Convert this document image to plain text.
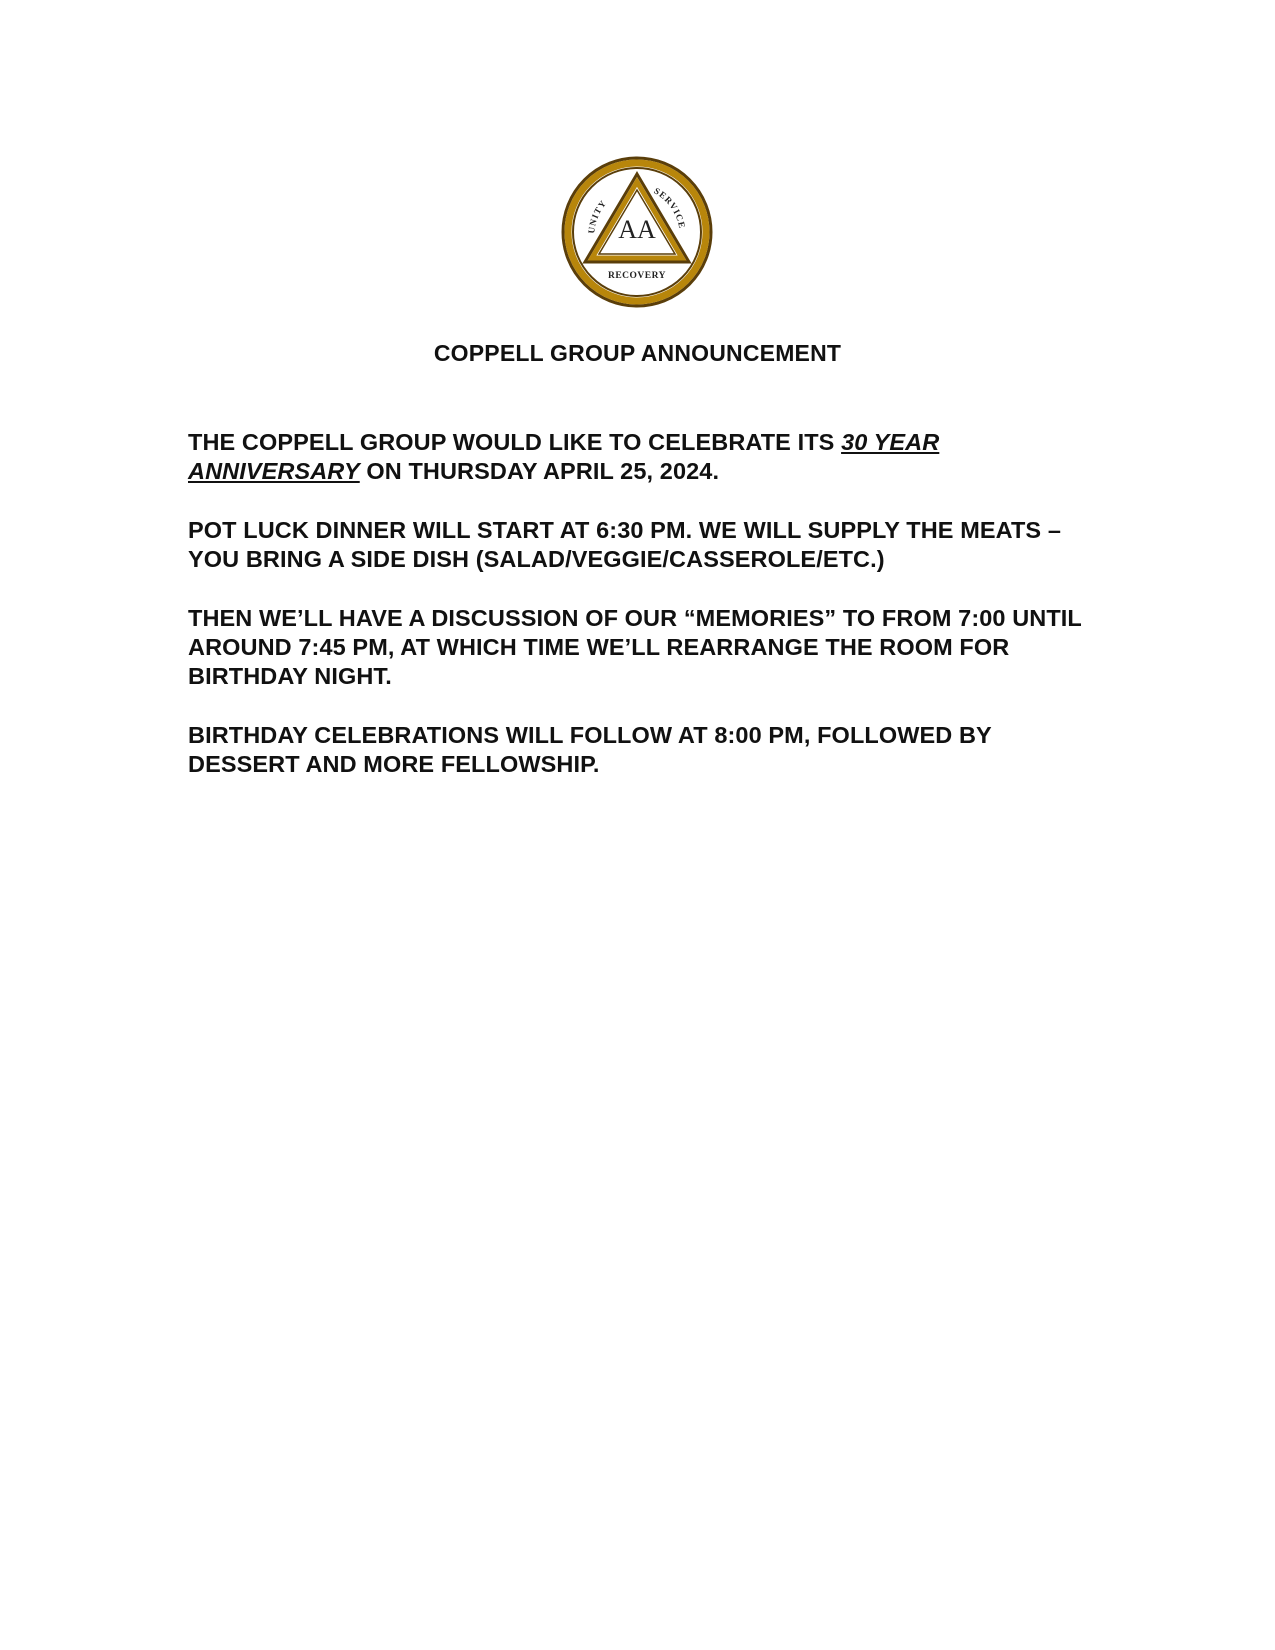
AA
UNITY
SERVICE
RECOVERY
COPPELL GROUP ANNOUNCEMENT

THE COPPELL GROUP WOULD LIKE TO CELEBRATE ITS 30 YEAR ANNIVERSARY ON THURSDAY APRIL 25, 2024.

POT LUCK DINNER WILL START AT 6:30 PM. WE WILL SUPPLY THE MEATS – YOU BRING A SIDE DISH (SALAD/VEGGIE/CASSEROLE/ETC.)

THEN WE’LL HAVE A DISCUSSION OF OUR “MEMORIES” TO FROM 7:00 UNTIL AROUND 7:45 PM, AT WHICH TIME WE’LL REARRANGE THE ROOM FOR BIRTHDAY NIGHT.

BIRTHDAY CELEBRATIONS WILL FOLLOW AT 8:00 PM, FOLLOWED BY DESSERT AND MORE FELLOWSHIP.
